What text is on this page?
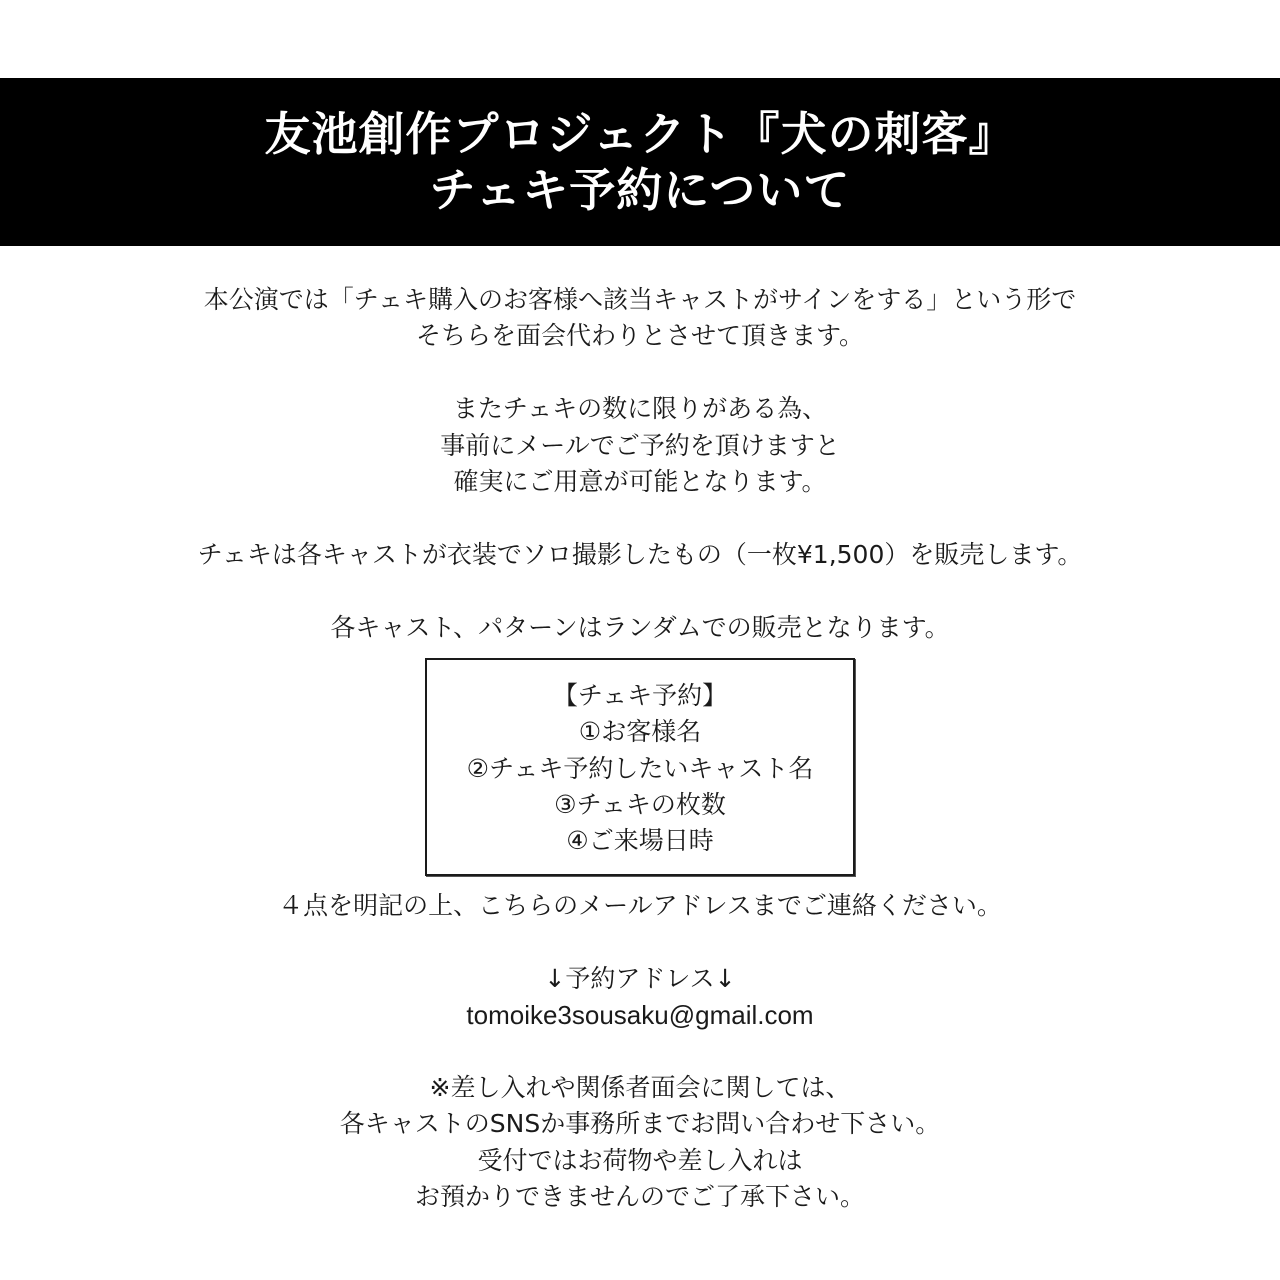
友池創作プロジェクト『犬の刺客』
チェキ予約について
本公演では「チェキ購入のお客様へ該当キャストがサインをする」という形で
そちらを面会代わりとさせて頂きます。
またチェキの数に限りがある為、
事前にメールでご予約を頂けますと
確実にご用意が可能となります。
チェキは各キャストが衣装でソロ撮影したもの（一枚¥1,500）を販売します。
各キャスト、パターンはランダムでの販売となります。
【チェキ予約】
①お客様名
②チェキ予約したいキャスト名
③チェキの枚数
④ご来場日時
４点を明記の上、こちらのメールアドレスまでご連絡ください。
↓予約アドレス↓
tomoike3sousaku@gmail.com
※差し入れや関係者面会に関しては、
各キャストのSNSか事務所までお問い合わせ下さい。
受付ではお荷物や差し入れは
お預かりできませんのでご了承下さい。
